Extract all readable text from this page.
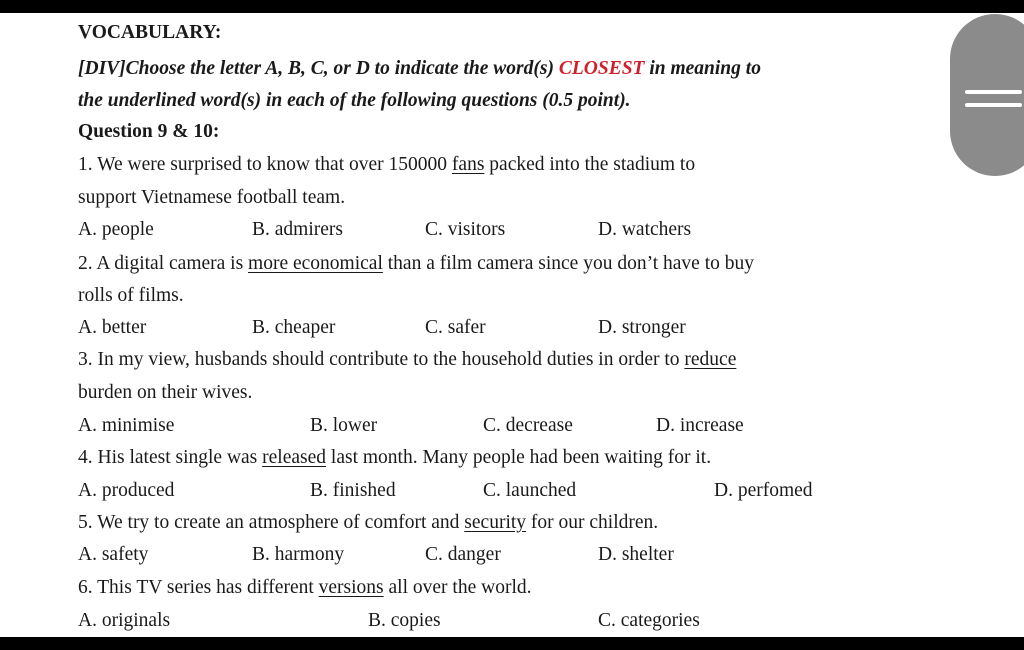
VOCABULARY:
[DIV]Choose the letter A, B, C, or D to indicate the word(s) CLOSEST in meaning to
the underlined word(s) in each of the following questions (0.5 point).
Question 9 & 10:
1. We were surprised to know that over 150000 fans packed into the stadium to
support Vietnamese football team.
A. people	B. admirers	C. visitors	D. watchers
2. A digital camera is more economical than a film camera since you don’t have to buy
rolls of films.
A. better	B. cheaper	C. safer	D. stronger
3. In my view, husbands should contribute to the household duties in order to reduce
burden on their wives.
A. minimise	B. lower	C. decrease	D. increase
4. His latest single was released last month. Many people had been waiting for it.
A. produced	B. finished	C. launched	D. perfomed
5. We try to create an atmosphere of comfort and security for our children.
A. safety	B. harmony	C. danger	D. shelter
6. This TV series has different versions all over the world.
A. originals	B. copies	C. categories
